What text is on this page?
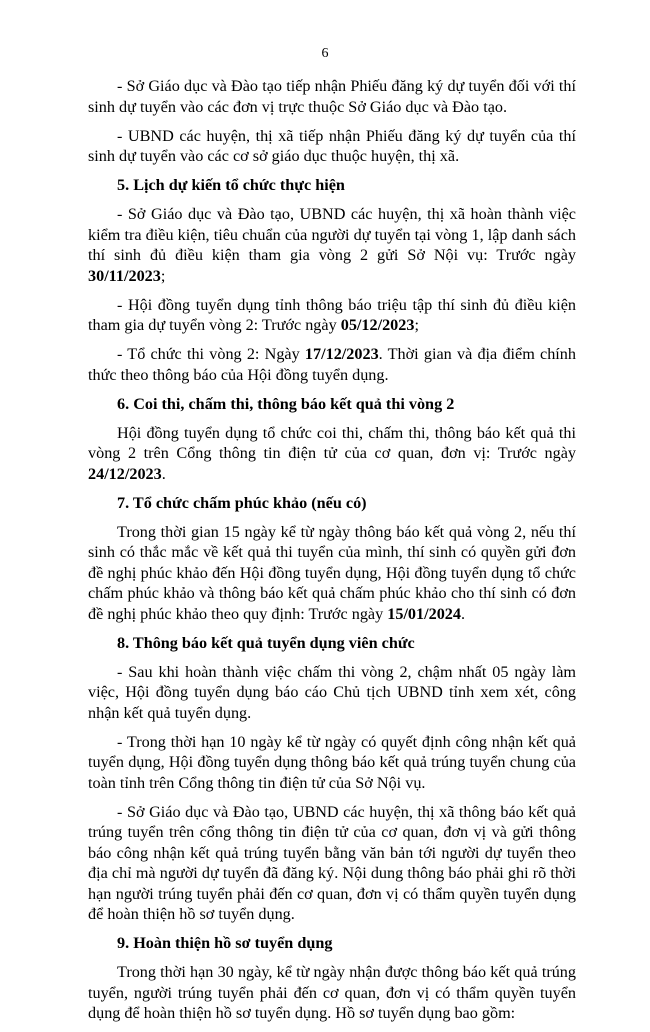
6

- Sở Giáo dục và Đào tạo tiếp nhận Phiếu đăng ký dự tuyển đối với thí sinh dự tuyển vào các đơn vị trực thuộc Sở Giáo dục và Đào tạo.

- UBND các huyện, thị xã tiếp nhận Phiếu đăng ký dự tuyển của thí sinh dự tuyển vào các cơ sở giáo dục thuộc huyện, thị xã.

5. Lịch dự kiến tổ chức thực hiện

- Sở Giáo dục và Đào tạo, UBND các huyện, thị xã hoàn thành việc kiểm tra điều kiện, tiêu chuẩn của người dự tuyển tại vòng 1, lập danh sách thí sinh đủ điều kiện tham gia vòng 2 gửi Sở Nội vụ: Trước ngày 30/11/2023;

- Hội đồng tuyển dụng tỉnh thông báo triệu tập thí sinh đủ điều kiện tham gia dự tuyển vòng 2: Trước ngày 05/12/2023;

- Tổ chức thi vòng 2: Ngày 17/12/2023. Thời gian và địa điểm chính thức theo thông báo của Hội đồng tuyển dụng.

6. Coi thi, chấm thi, thông báo kết quả thi vòng 2

Hội đồng tuyển dụng tổ chức coi thi, chấm thi, thông báo kết quả thi vòng 2 trên Cổng thông tin điện tử của cơ quan, đơn vị: Trước ngày 24/12/2023.

7. Tổ chức chấm phúc khảo (nếu có)

Trong thời gian 15 ngày kể từ ngày thông báo kết quả vòng 2, nếu thí sinh có thắc mắc về kết quả thi tuyển của mình, thí sinh có quyền gửi đơn đề nghị phúc khảo đến Hội đồng tuyển dụng, Hội đồng tuyển dụng tổ chức chấm phúc khảo và thông báo kết quả chấm phúc khảo cho thí sinh có đơn đề nghị phúc khảo theo quy định: Trước ngày 15/01/2024.

8. Thông báo kết quả tuyển dụng viên chức

- Sau khi hoàn thành việc chấm thi vòng 2, chậm nhất 05 ngày làm việc, Hội đồng tuyển dụng báo cáo Chủ tịch UBND tỉnh xem xét, công nhận kết quả tuyển dụng.

- Trong thời hạn 10 ngày kể từ ngày có quyết định công nhận kết quả tuyển dụng, Hội đồng tuyển dụng thông báo kết quả trúng tuyển chung của toàn tỉnh trên Cổng thông tin điện tử của Sở Nội vụ.

- Sở Giáo dục và Đào tạo, UBND các huyện, thị xã thông báo kết quả trúng tuyển trên cổng thông tin điện tử của cơ quan, đơn vị và gửi thông báo công nhận kết quả trúng tuyển bằng văn bản tới người dự tuyển theo địa chỉ mà người dự tuyển đã đăng ký. Nội dung thông báo phải ghi rõ thời hạn người trúng tuyển phải đến cơ quan, đơn vị có thẩm quyền tuyển dụng để hoàn thiện hồ sơ tuyển dụng.

9. Hoàn thiện hồ sơ tuyển dụng

Trong thời hạn 30 ngày, kể từ ngày nhận được thông báo kết quả trúng tuyển, người trúng tuyển phải đến cơ quan, đơn vị có thẩm quyền tuyển dụng để hoàn thiện hồ sơ tuyển dụng. Hồ sơ tuyển dụng bao gồm:
